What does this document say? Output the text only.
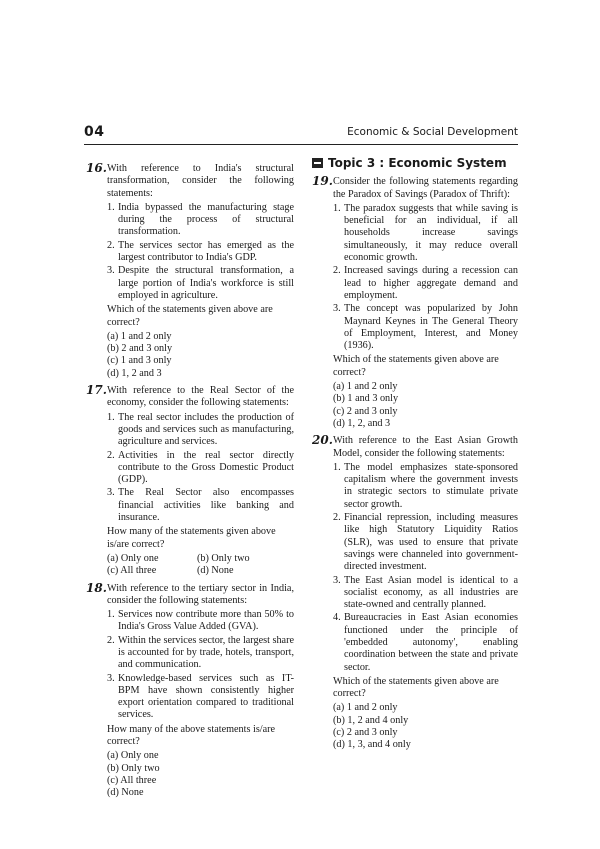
04	Economic & Social Development
16. With reference to India's structural transformation, consider the following statements:
1. India bypassed the manufacturing stage during the process of structural transformation.
2. The services sector has emerged as the largest contributor to India's GDP.
3. Despite the structural transformation, a large portion of India's workforce is still employed in agriculture.
Which of the statements given above are correct?
(a) 1 and 2 only
(b) 2 and 3 only
(c) 1 and 3 only
(d) 1, 2 and 3
17. With reference to the Real Sector of the economy, consider the following statements:
1. The real sector includes the production of goods and services such as manufacturing, agriculture and services.
2. Activities in the real sector directly contribute to the Gross Domestic Product (GDP).
3. The Real Sector also encompasses financial activities like banking and insurance.
How many of the statements given above is/are correct?
(a) Only one	(b) Only two
(c) All three	(d) None
18. With reference to the tertiary sector in India, consider the following statements:
1. Services now contribute more than 50% to India's Gross Value Added (GVA).
2. Within the services sector, the largest share is accounted for by trade, hotels, transport, and communication.
3. Knowledge-based services such as IT-BPM have shown consistently higher export orientation compared to traditional services.
How many of the above statements is/are correct?
(a) Only one
(b) Only two
(c) All three
(d) None
Topic 3 : Economic System
19. Consider the following statements regarding the Paradox of Savings (Paradox of Thrift):
1. The paradox suggests that while saving is beneficial for an individual, if all households increase savings simultaneously, it may reduce overall economic growth.
2. Increased savings during a recession can lead to higher aggregate demand and employment.
3. The concept was popularized by John Maynard Keynes in The General Theory of Employment, Interest, and Money (1936).
Which of the statements given above are correct?
(a) 1 and 2 only
(b) 1 and 3 only
(c) 2 and 3 only
(d) 1, 2, and 3
20. With reference to the East Asian Growth Model, consider the following statements:
1. The model emphasizes state-sponsored capitalism where the government invests in strategic sectors to stimulate private sector growth.
2. Financial repression, including measures like high Statutory Liquidity Ratios (SLR), was used to ensure that private savings were channeled into government-directed investment.
3. The East Asian model is identical to a socialist economy, as all industries are state-owned and centrally planned.
4. Bureaucracies in East Asian economies functioned under the principle of 'embedded autonomy', enabling coordination between the state and private sector.
Which of the statements given above are correct?
(a) 1 and 2 only
(b) 1, 2 and 4 only
(c) 2 and 3 only
(d) 1, 3, and 4 only
